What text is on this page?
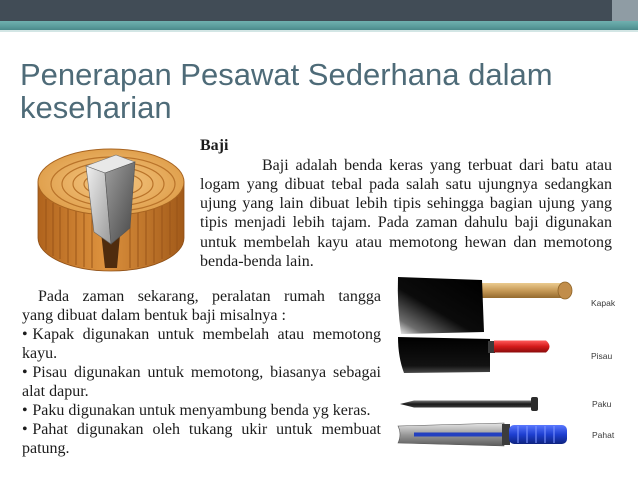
Penerapan Pesawat Sederhana dalam keseharian
Baji
Baji adalah benda keras yang terbuat dari batu atau
logam yang dibuat tebal pada salah satu ujungnya sedangkan
ujung yang lain dibuat lebih tipis sehingga bagian ujung yang
tipis menjadi lebih tajam. Pada zaman dahulu baji digunakan
untuk membelah kayu atau memotong hewan dan memotong
benda-benda lain.
Pada zaman sekarang, peralatan rumah tangga
yang dibuat dalam bentuk baji misalnya :
• Kapak digunakan untuk membelah atau memotong
kayu.
• Pisau digunakan untuk memotong, biasanya sebagai
alat dapur.
• Paku digunakan untuk menyambung benda yg keras.
• Pahat digunakan oleh tukang ukir untuk membuat
patung.
Kapak
Pisau
Paku
Pahat
